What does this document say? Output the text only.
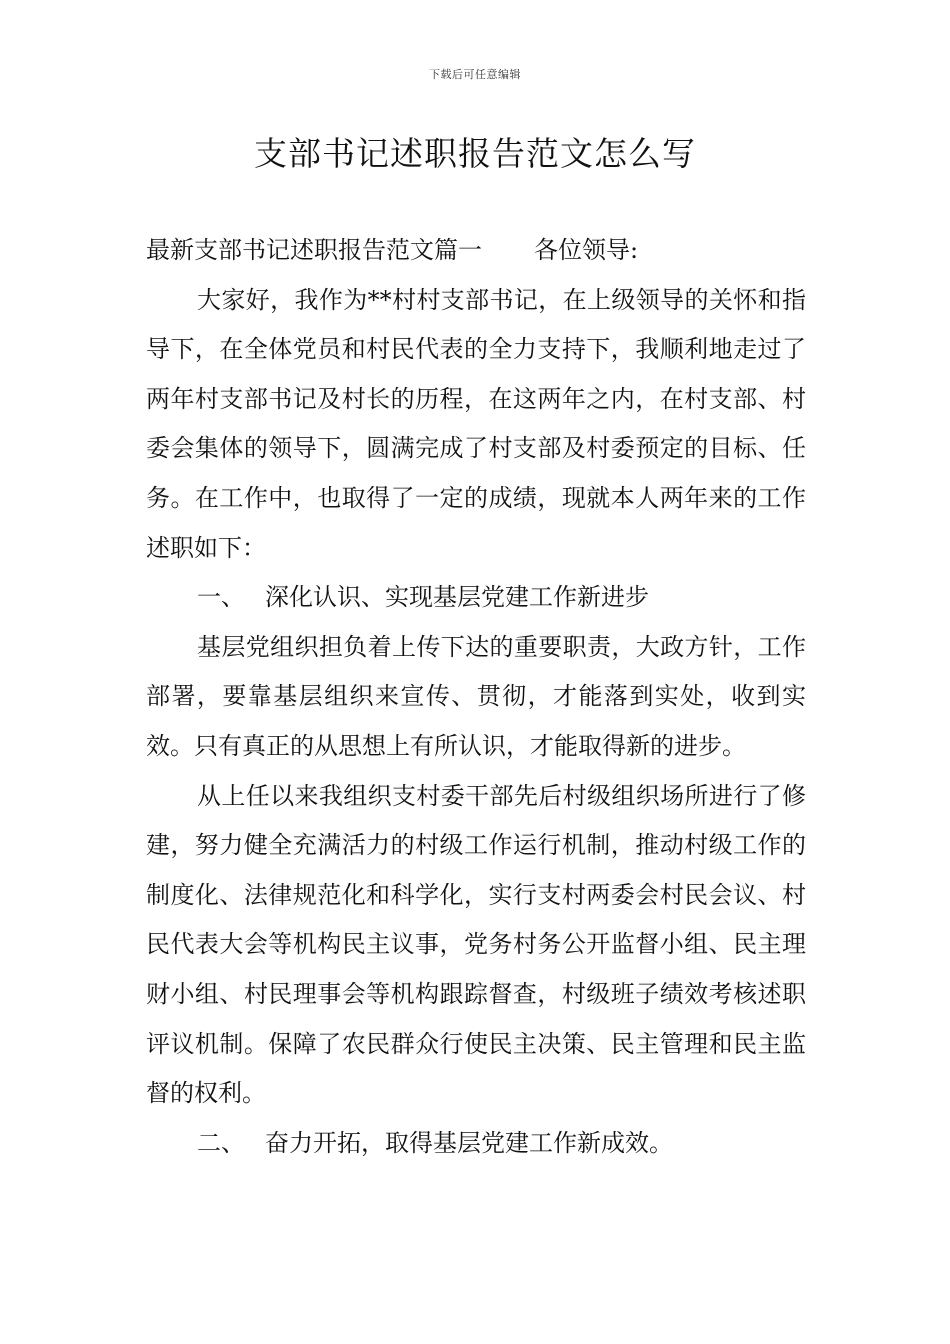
下载后可任意编辑
支部书记述职报告范文怎么写

最新支部书记述职报告范文篇一 各位领导:

大家好，我作为**村村支部书记，在上级领导的关怀和指导下，在全体党员和村民代表的全力支持下，我顺利地走过了两年村支部书记及村长的历程，在这两年之内，在村支部、村委会集体的领导下，圆满完成了村支部及村委预定的目标、任务。在工作中，也取得了一定的成绩，现就本人两年来的工作述职如下：

一、 深化认识、实现基层党建工作新进步

基层党组织担负着上传下达的重要职责，大政方针，工作部署，要靠基层组织来宣传、贯彻，才能落到实处，收到实效。只有真正的从思想上有所认识，才能取得新的进步。

从上任以来我组织支村委干部先后村级组织场所进行了修建，努力健全充满活力的村级工作运行机制，推动村级工作的制度化、法律规范化和科学化，实行支村两委会村民会议、村民代表大会等机构民主议事，党务村务公开监督小组、民主理财小组、村民理事会等机构跟踪督查，村级班子绩效考核述职评议机制。保障了农民群众行使民主决策、民主管理和民主监督的权利。

二、 奋力开拓，取得基层党建工作新成效。
